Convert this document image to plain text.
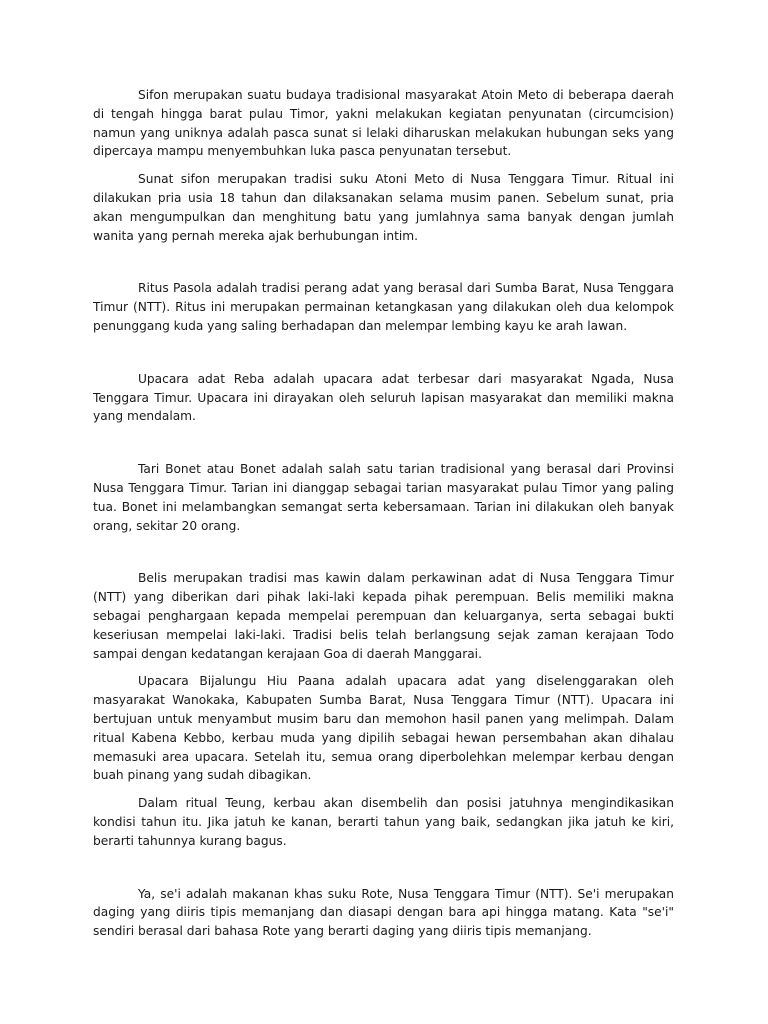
Sifon merupakan suatu budaya tradisional masyarakat Atoin Meto di beberapa daerah di tengah hingga barat pulau Timor, yakni melakukan kegiatan penyunatan (circumcision) namun yang uniknya adalah pasca sunat si lelaki diharuskan melakukan hubungan seks yang dipercaya mampu menyembuhkan luka pasca penyunatan tersebut.

Sunat sifon merupakan tradisi suku Atoni Meto di Nusa Tenggara Timur. Ritual ini dilakukan pria usia 18 tahun dan dilaksanakan selama musim panen. Sebelum sunat, pria akan mengumpulkan dan menghitung batu yang jumlahnya sama banyak dengan jumlah wanita yang pernah mereka ajak berhubungan intim.

Ritus Pasola adalah tradisi perang adat yang berasal dari Sumba Barat, Nusa Tenggara Timur (NTT). Ritus ini merupakan permainan ketangkasan yang dilakukan oleh dua kelompok penunggang kuda yang saling berhadapan dan melempar lembing kayu ke arah lawan.

Upacara adat Reba adalah upacara adat terbesar dari masyarakat Ngada, Nusa Tenggara Timur. Upacara ini dirayakan oleh seluruh lapisan masyarakat dan memiliki makna yang mendalam.

Tari Bonet atau Bonet adalah salah satu tarian tradisional yang berasal dari Provinsi Nusa Tenggara Timur. Tarian ini dianggap sebagai tarian masyarakat pulau Timor yang paling tua. Bonet ini melambangkan semangat serta kebersamaan. Tarian ini dilakukan oleh banyak orang, sekitar 20 orang.

Belis merupakan tradisi mas kawin dalam perkawinan adat di Nusa Tenggara Timur (NTT) yang diberikan dari pihak laki-laki kepada pihak perempuan. Belis memiliki makna sebagai penghargaan kepada mempelai perempuan dan keluarganya, serta sebagai bukti keseriusan mempelai laki-laki. Tradisi belis telah berlangsung sejak zaman kerajaan Todo sampai dengan kedatangan kerajaan Goa di daerah Manggarai.

Upacara Bijalungu Hiu Paana adalah upacara adat yang diselenggarakan oleh masyarakat Wanokaka, Kabupaten Sumba Barat, Nusa Tenggara Timur (NTT). Upacara ini bertujuan untuk menyambut musim baru dan memohon hasil panen yang melimpah. Dalam ritual Kabena Kebbo, kerbau muda yang dipilih sebagai hewan persembahan akan dihalau memasuki area upacara. Setelah itu, semua orang diperbolehkan melempar kerbau dengan buah pinang yang sudah dibagikan.

Dalam ritual Teung, kerbau akan disembelih dan posisi jatuhnya mengindikasikan kondisi tahun itu. Jika jatuh ke kanan, berarti tahun yang baik, sedangkan jika jatuh ke kiri, berarti tahunnya kurang bagus.

Ya, se'i adalah makanan khas suku Rote, Nusa Tenggara Timur (NTT). Se'i merupakan daging yang diiris tipis memanjang dan diasapi dengan bara api hingga matang. Kata "se'i" sendiri berasal dari bahasa Rote yang berarti daging yang diiris tipis memanjang.
